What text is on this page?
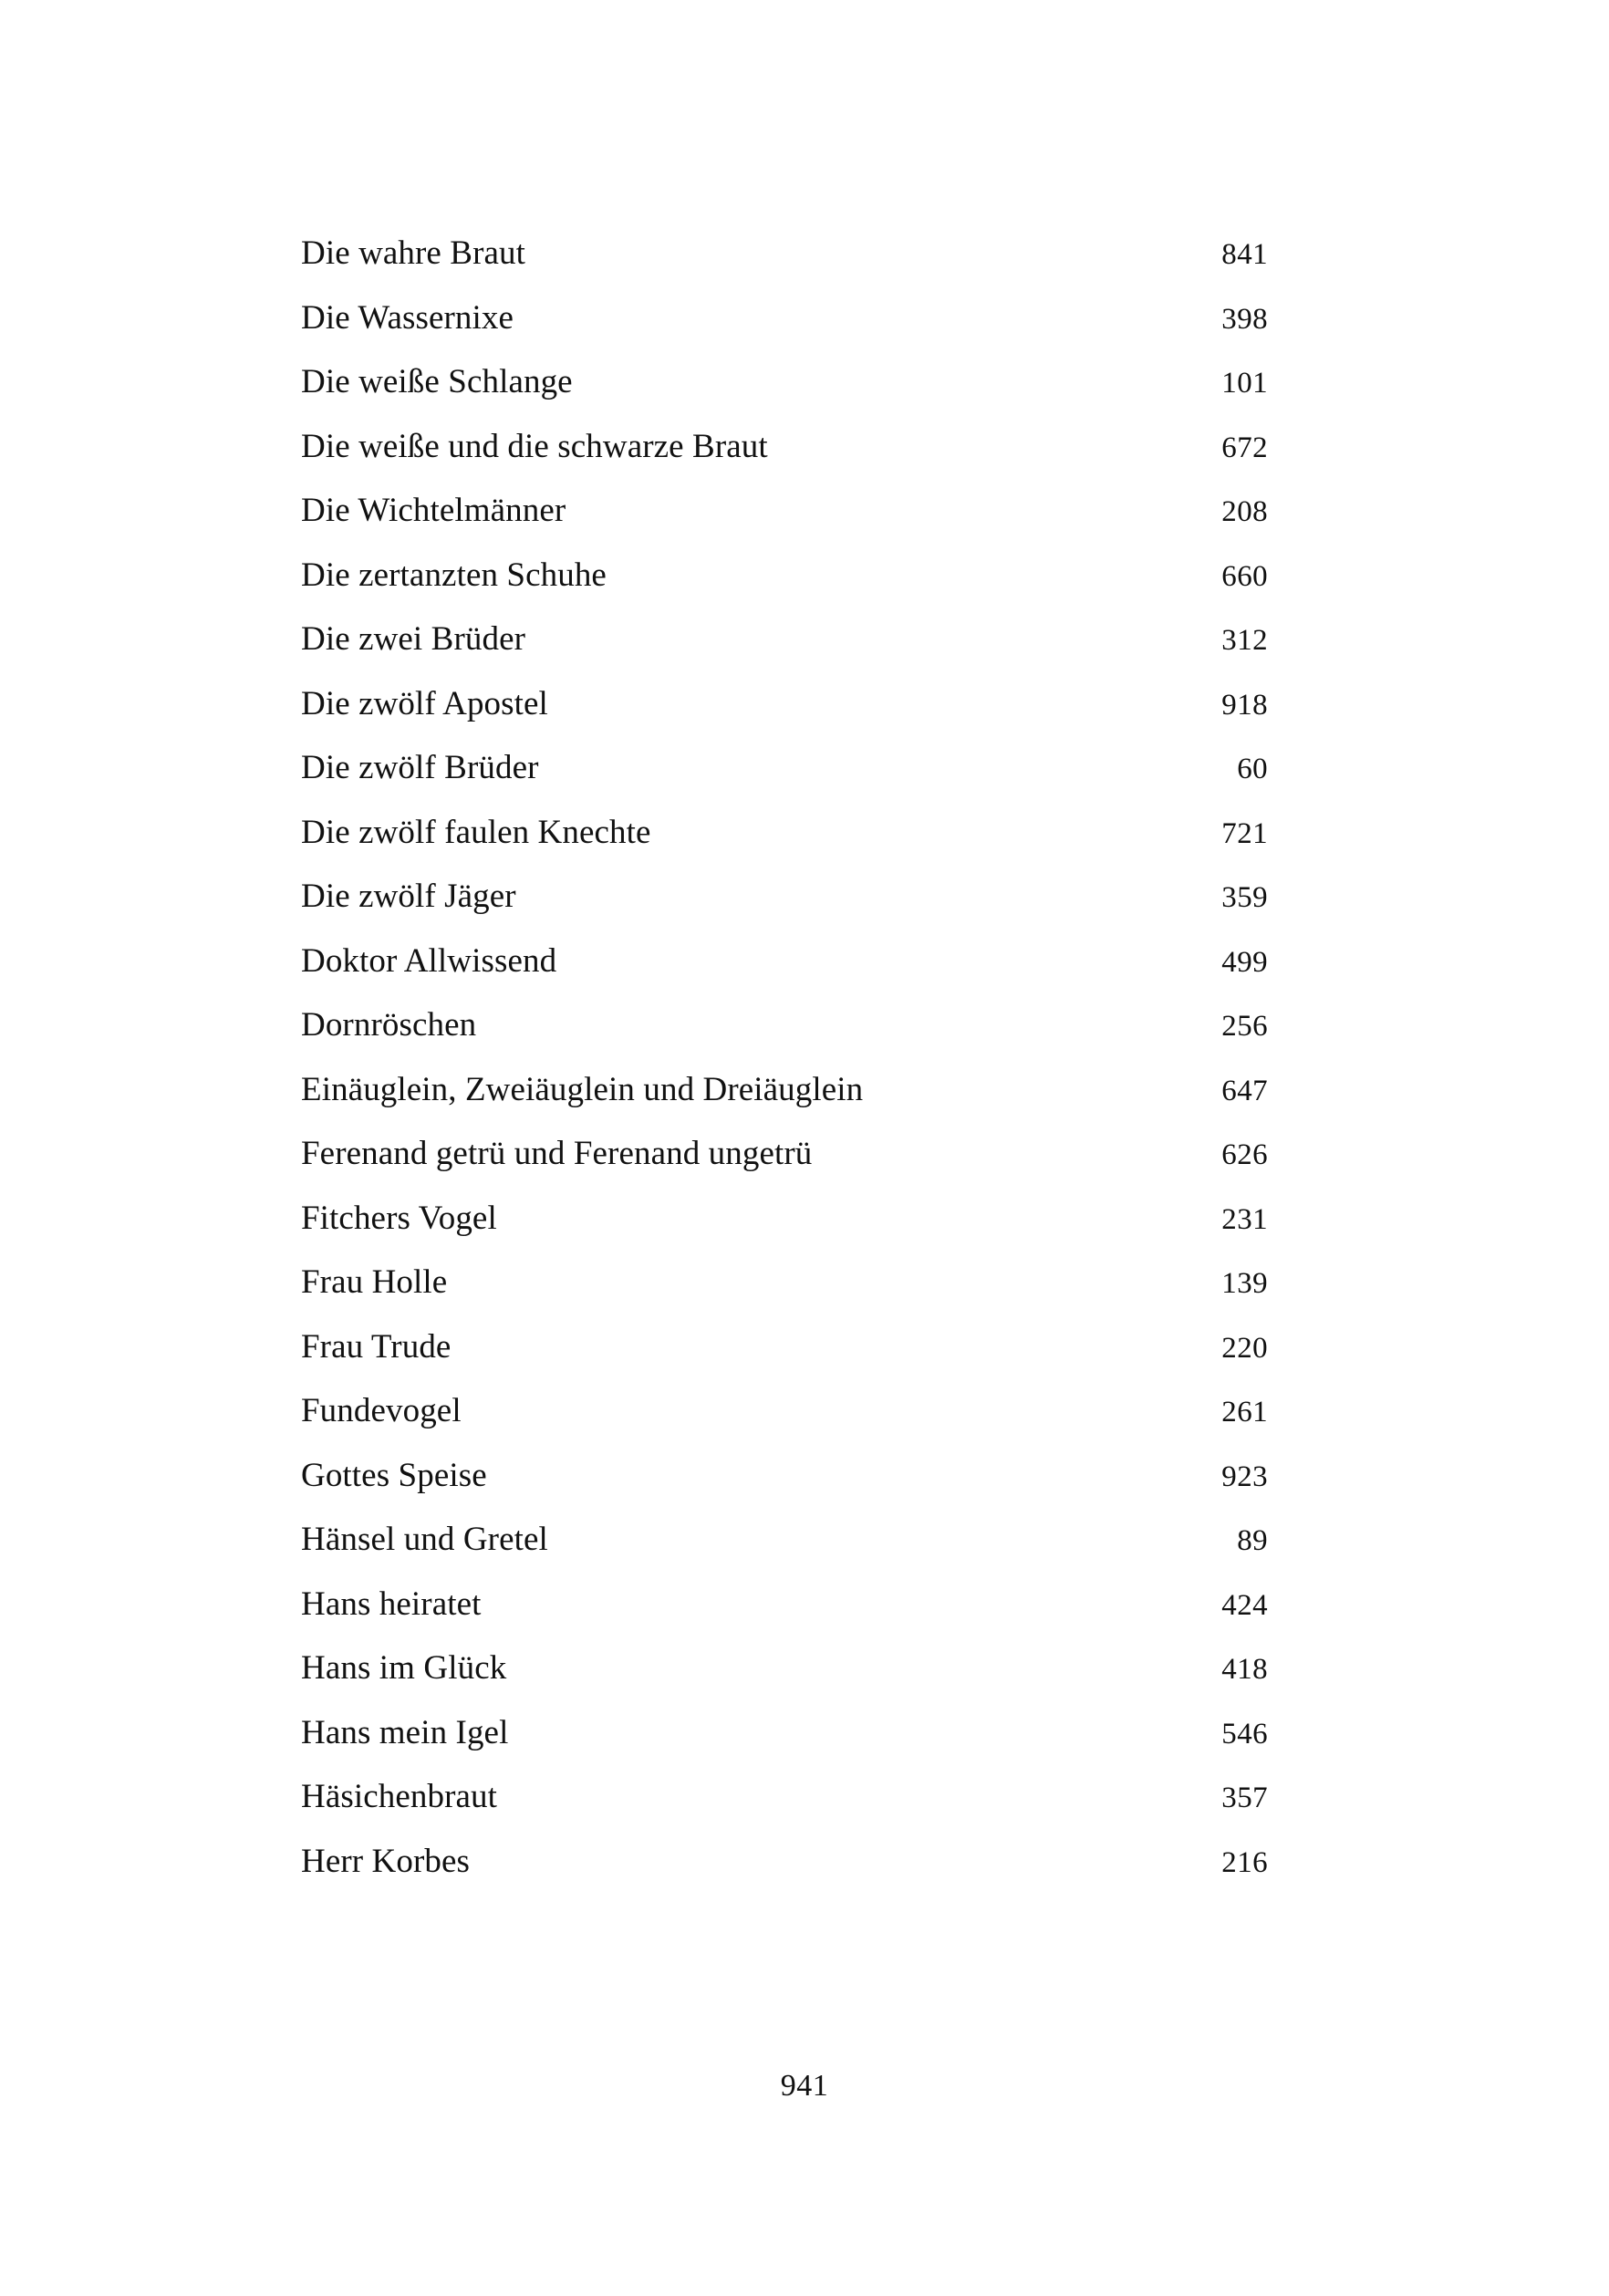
Die wahre Braut	841
Die Wassernixe	398
Die weiße Schlange	101
Die weiße und die schwarze Braut	672
Die Wichtelmänner	208
Die zertanzten Schuhe	660
Die zwei Brüder	312
Die zwölf Apostel	918
Die zwölf Brüder	60
Die zwölf faulen Knechte	721
Die zwölf Jäger	359
Doktor Allwissend	499
Dornröschen	256
Einäuglein, Zweiäuglein und Dreiäuglein	647
Ferenand getrü und Ferenand ungetrü	626
Fitchers Vogel	231
Frau Holle	139
Frau Trude	220
Fundevogel	261
Gottes Speise	923
Hänsel und Gretel	89
Hans heiratet	424
Hans im Glück	418
Hans mein Igel	546
Häsichenbraut	357
Herr Korbes	216
941
